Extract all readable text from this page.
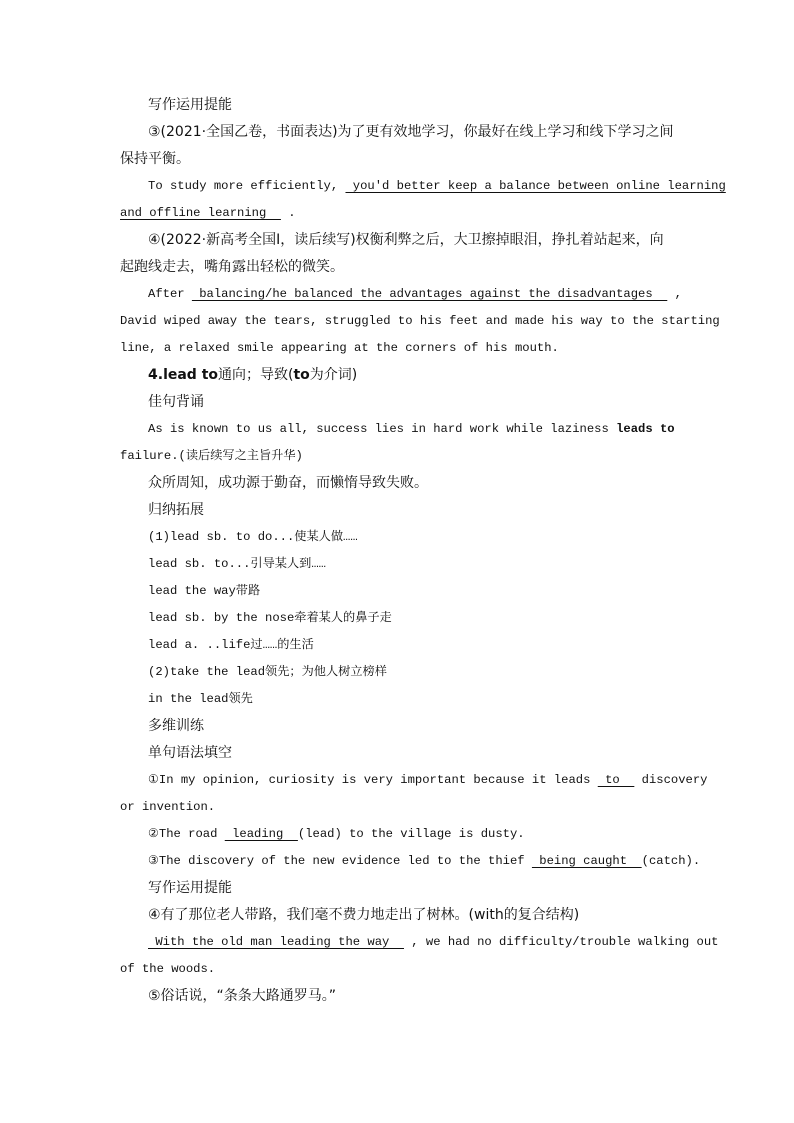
写作运用提能
③(2021·全国乙卷，书面表达)为了更有效地学习，你最好在线上学习和线下学习之间
保持平衡。
To study more efficiently,  you'd better keep a balance between online learning
and offline learning   .
④(2022·新高考全国Ⅰ，读后续写)权衡利弊之后，大卫擦掉眼泪，挣扎着站起来，向
起跑线走去，嘴角露出轻松的微笑。
After  balancing/he balanced the advantages against the disadvantages   ,
David wiped away the tears, struggled to his feet and made his way to the starting
line, a relaxed smile appearing at the corners of his mouth.
4.lead to通向；导致(to为介词)
佳句背诵
As is known to us all, success lies in hard work while laziness leads to
failure.(读后续写之主旨升华)
众所周知，成功源于勤奋，而懒惰导致失败。
归纳拓展
(1)lead sb. to do...使某人做……
lead sb. to...引导某人到……
lead the way带路
lead sb. by the nose牵着某人的鼻子走
lead a. ..life过……的生活
(2)take the lead领先；为他人树立榜样
in the lead领先
多维训练
单句语法填空
①In my opinion, curiosity is very important because it leads  to   discovery
or invention.
②The road  leading  (lead) to the village is dusty.
③The discovery of the new evidence led to the thief  being caught  (catch).
写作运用提能
④有了那位老人带路，我们毫不费力地走出了树林。(with的复合结构)
With the old man leading the way   , we had no difficulty/trouble walking out
of the woods.
⑤俗话说，“条条大路通罗马。”
